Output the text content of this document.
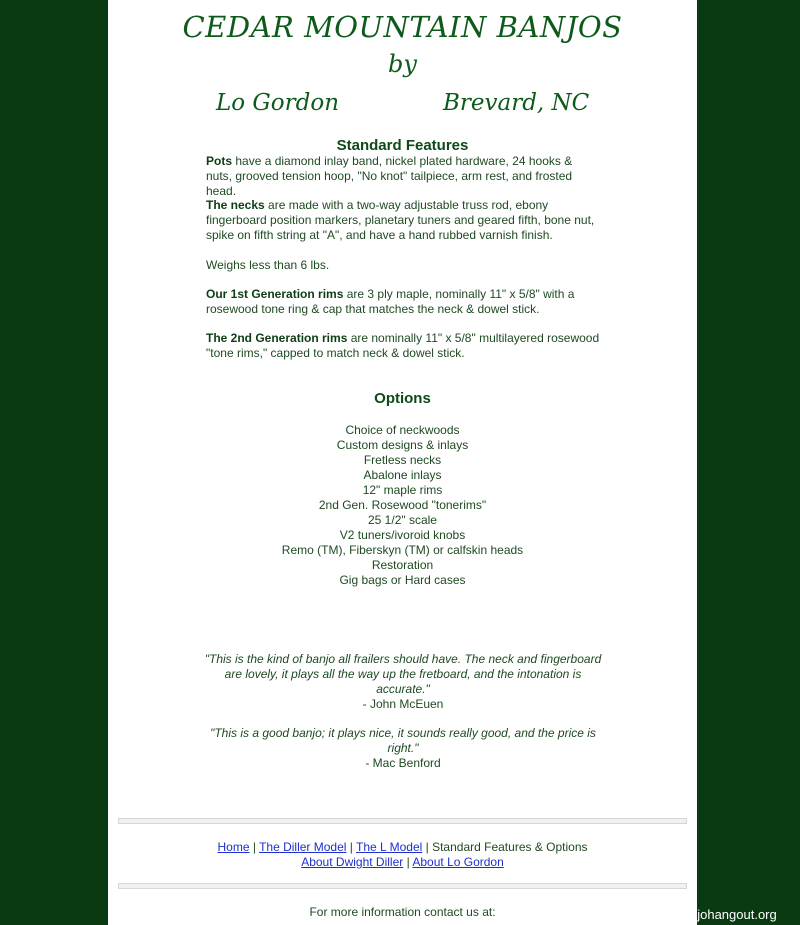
CEDAR MOUNTAIN BANJOS
by
Lo Gordon	Brevard, NC
Standard Features

Pots have a diamond inlay band, nickel plated hardware, 24 hooks & nuts, grooved tension hoop, "No knot" tailpiece, arm rest, and frosted head.

The necks are made with a two-way adjustable truss rod, ebony fingerboard position markers, planetary tuners and geared fifth, bone nut, spike on fifth string at "A", and have a hand rubbed varnish finish.

Weighs less than 6 lbs.

Our 1st Generation rims are 3 ply maple, nominally 11" x 5/8" with a rosewood tone ring & cap that matches the neck & dowel stick.

The 2nd Generation rims are nominally 11" x 5/8" multilayered rosewood "tone rims," capped to match neck & dowel stick.

Options
Choice of neckwoods
Custom designs & inlays
Fretless necks
Abalone inlays
12" maple rims
2nd Gen. Rosewood "tonerims"
25 1/2" scale
V2 tuners/ivoroid knobs
Remo (TM), Fiberskyn (TM) or calfskin heads
Restoration
Gig bags or Hard cases
"This is the kind of banjo all frailers should have. The neck and fingerboard are lovely, it plays all the way up the fretboard, and the intonation is accurate."
- John McEuen
"This is a good banjo; it plays nice, it sounds really good, and the price is right."
- Mac Benford
Home | The Diller Model | The L Model | Standard Features & Options
About Dwight Diller | About Lo Gordon
For more information contact us at:	njohangout.org
